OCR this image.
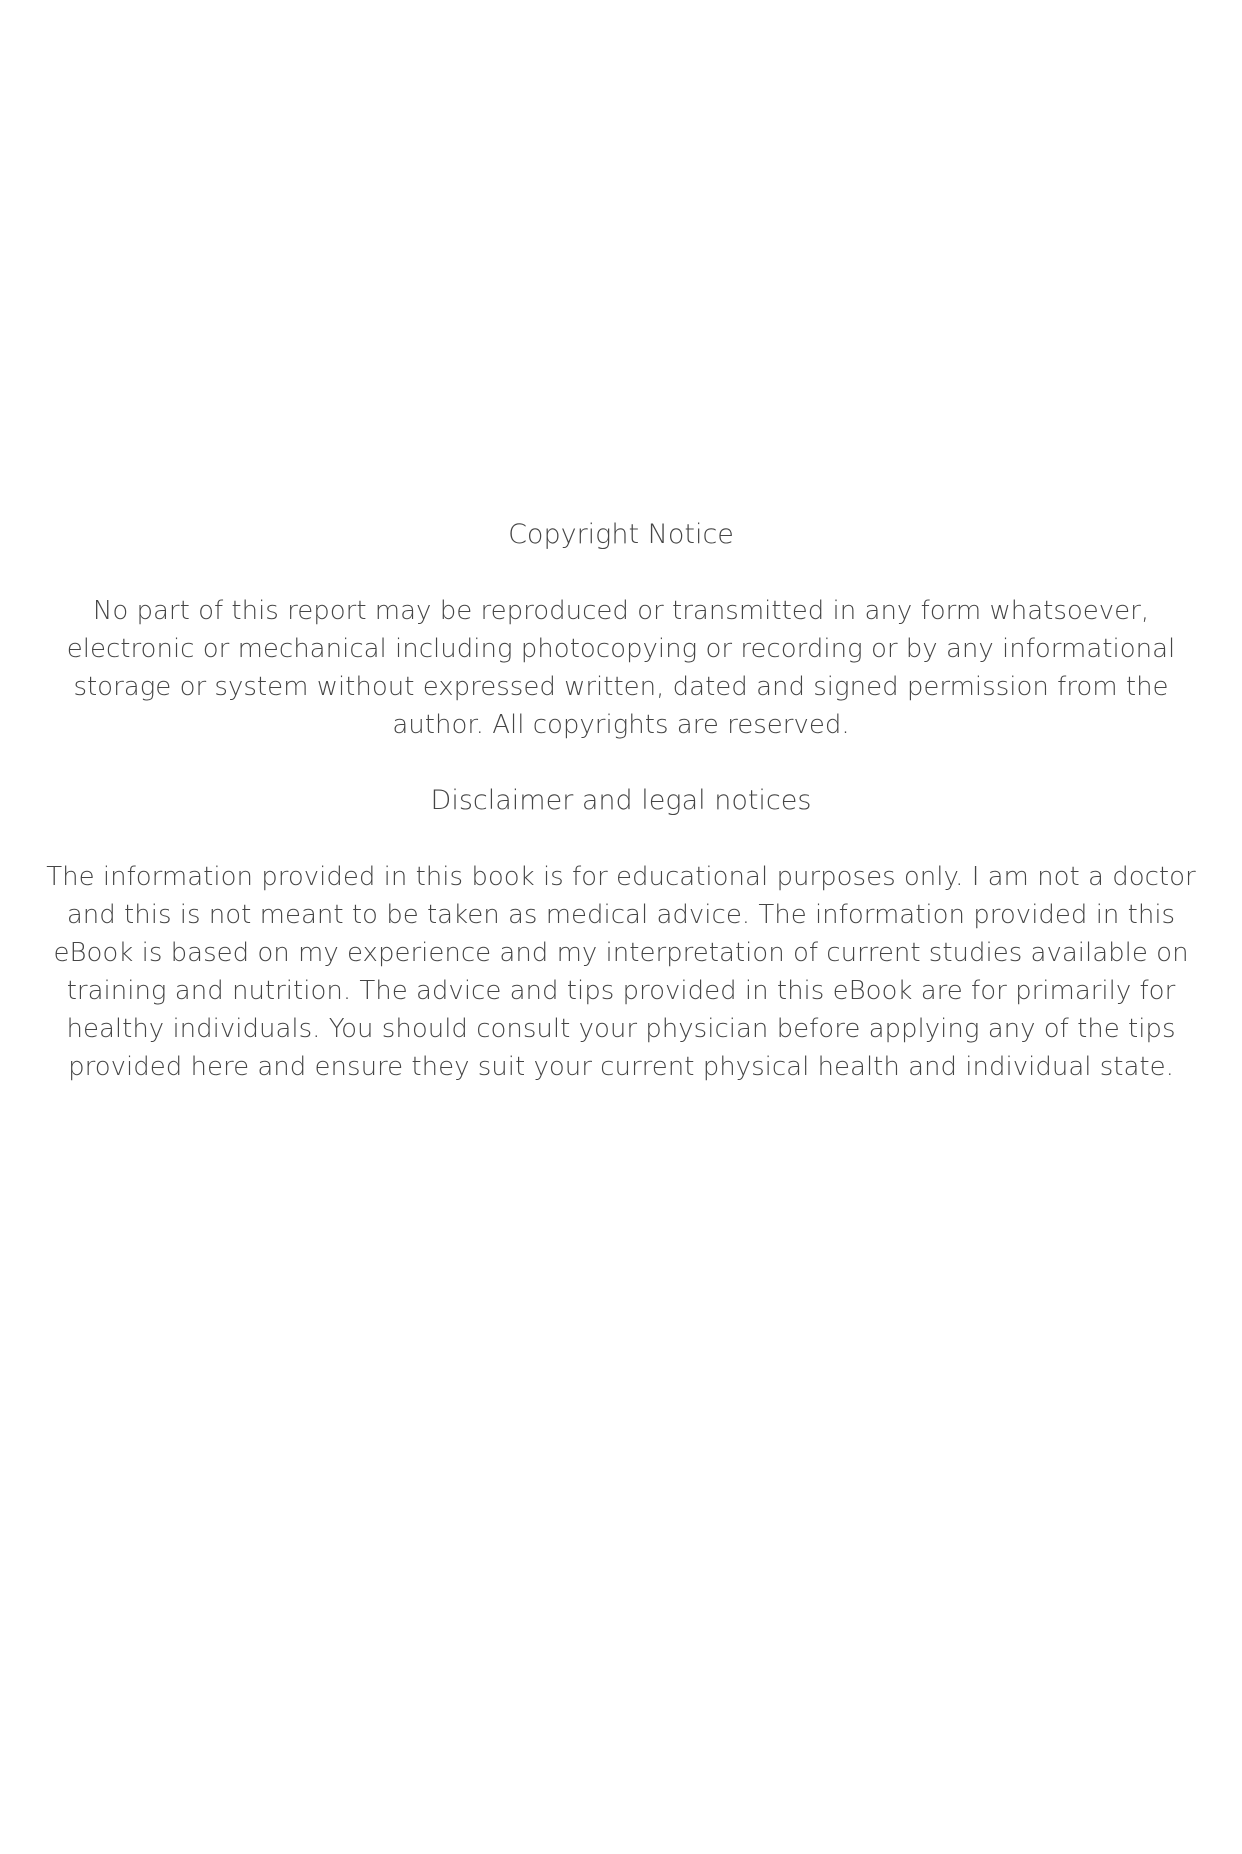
Copyright Notice

No part of this report may be reproduced or transmitted in any form whatsoever, electronic or mechanical including photocopying or recording or by any informational storage or system without expressed written, dated and signed permission from the author. All copyrights are reserved.

Disclaimer and legal notices

The information provided in this book is for educational purposes only. I am not a doctor and this is not meant to be taken as medical advice. The information provided in this eBook is based on my experience and my interpretation of current studies available on training and nutrition. The advice and tips provided in this eBook are for primarily for healthy individuals. You should consult your physician before applying any of the tips provided here and ensure they suit your current physical health and individual state.
